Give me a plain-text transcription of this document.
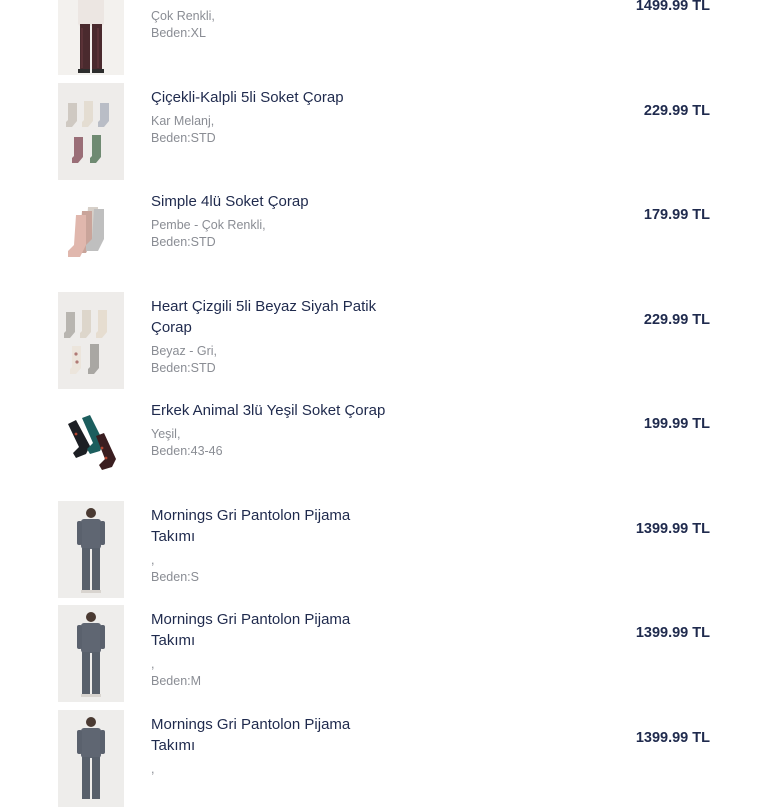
Çok Renkli,
Beden:XL
1499.99 TL
Çiçekli-Kalpli 5li Soket Çorap
Kar Melanj,
Beden:STD
229.99 TL
Simple 4lü Soket Çorap
Pembe - Çok Renkli,
Beden:STD
179.99 TL
Heart Çizgili 5li Beyaz Siyah Patik Çorap
Beyaz - Gri,
Beden:STD
229.99 TL
Erkek Animal 3lü Yeşil Soket Çorap
Yeşil,
Beden:43-46
199.99 TL
Mornings Gri Pantolon Pijama Takımı
,
Beden:S
1399.99 TL
Mornings Gri Pantolon Pijama Takımı
,
Beden:M
1399.99 TL
Mornings Gri Pantolon Pijama Takımı
,
1399.99 TL
